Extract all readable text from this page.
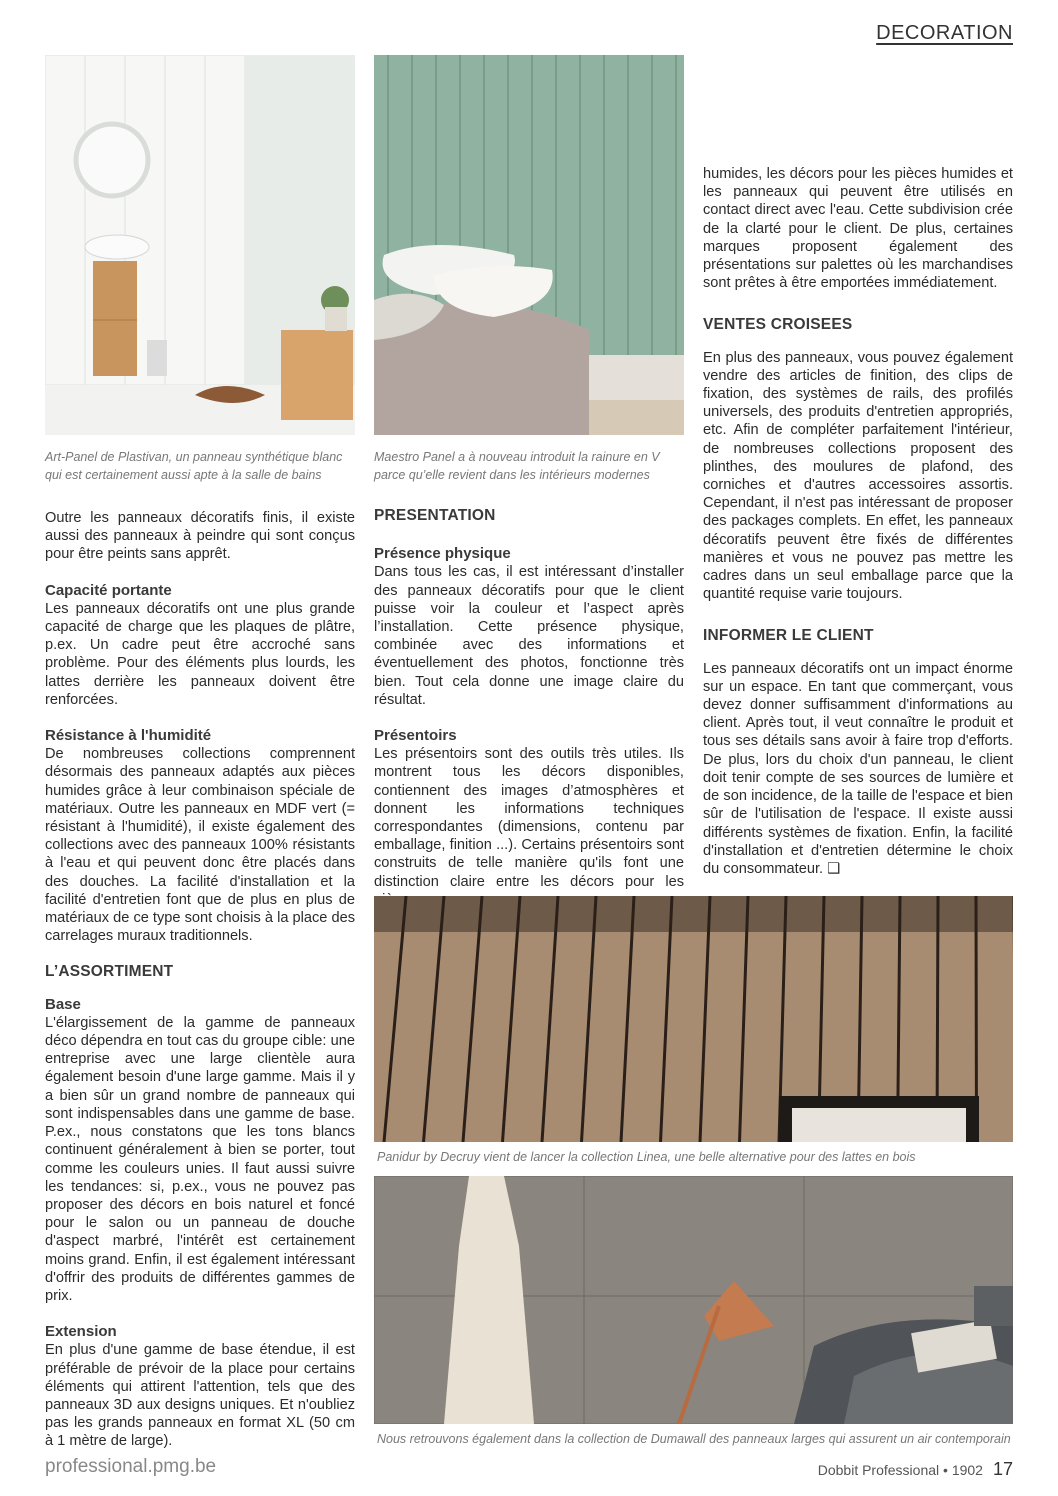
DECORATION
Art-Panel de Plastivan, un panneau synthétique blanc qui est certainement aussi apte à la salle de bains
Maestro Panel a à nouveau introduit la rainure en V parce qu’elle revient dans les intérieurs modernes

Outre les panneaux décoratifs finis, il existe aussi des panneaux à peindre qui sont conçus pour être peints sans apprêt.

Capacité portante

Les panneaux décoratifs ont une plus grande capacité de charge que les plaques de plâtre, p.ex. Un cadre peut être accroché sans problème. Pour des éléments plus lourds, les lattes derrière les panneaux doivent être renforcées.

Résistance à l'humidité

De nombreuses collections comprennent désormais des panneaux adaptés aux pièces humides grâce à leur combinaison spéciale de matériaux. Outre les panneaux en MDF vert (= résistant à l'humidité), il existe également des collections avec des panneaux 100% résistants à l'eau et qui peuvent donc être placés dans des douches. La facilité d'installation et la facilité d'entretien font que de plus en plus de matériaux de ce type sont choisis à la place des carrelages muraux traditionnels.

L’ASSORTIMENT
Base

L'élargissement de la gamme de panneaux déco dépendra en tout cas du groupe cible: une entreprise avec une large clientèle aura également besoin d'une large gamme. Mais il y a bien sûr un grand nombre de panneaux qui sont indispensables dans une gamme de base. P.ex., nous constatons que les tons blancs continuent généralement à bien se porter, tout comme les couleurs unies. Il faut aussi suivre les tendances: si, p.ex., vous ne pouvez pas proposer des décors en bois naturel et foncé pour le salon ou un panneau de douche d'aspect marbré, l'intérêt est certainement moins grand. Enfin, il est également intéressant d'offrir des produits de différentes gammes de prix.

Extension

En plus d'une gamme de base étendue, il est préférable de prévoir de la place pour certains éléments qui attirent l'attention, tels que des panneaux 3D aux designs uniques. Et n'oubliez pas les grands panneaux en format XL (50 cm à 1 mètre de large).

PRESENTATION
Présence physique

Dans tous les cas, il est intéressant d’installer des panneaux décoratifs pour que le client puisse voir la couleur et l’aspect après l’installation. Cette présence physique, combinée avec des informations et éventuellement des photos, fonctionne très bien. Tout cela donne une image claire du résultat.

Présentoirs

Les présentoirs sont des outils très utiles. Ils montrent tous les décors disponibles, contiennent des images d’atmosphères et donnent les informations techniques correspondantes (dimensions, contenu par emballage, finition ...). Certains présentoirs sont construits de telle manière qu'ils font une distinction claire entre les décors pour les

humides, les décors pour les pièces humides et les panneaux qui peuvent être utilisés en contact direct avec l'eau. Cette subdivision crée de la clarté pour le client. De plus, certaines marques proposent également des présentations sur palettes où les marchandises sont prêtes à être emportées immédiatement.

VENTES CROISEES

En plus des panneaux, vous pouvez également vendre des articles de finition, des clips de fixation, des systèmes de rails, des profilés universels, des produits d'entretien appropriés, etc. Afin de compléter parfaitement l'intérieur, de nombreuses collections proposent des plinthes, des moulures de plafond, des corniches et d'autres accessoires assortis. Cependant, il n'est pas intéressant de proposer des packages complets. En effet, les panneaux décoratifs peuvent être fixés de différentes manières et vous ne pouvez pas mettre les cadres dans un seul emballage parce que la quantité requise varie toujours.

INFORMER LE CLIENT

Les panneaux décoratifs ont un impact énorme sur un espace. En tant que commerçant, vous devez donner suffisamment d'informations au client. Après tout, il veut connaître le produit et tous ses détails sans avoir à faire trop d'efforts. De plus, lors du choix d'un panneau, le client doit tenir compte de ses sources de lumière et de son incidence, de la taille de l'espace et bien sûr de l'utilisation de l'espace. Il existe aussi différents systèmes de fixation. Enfin, la facilité d'installation et d'entretien détermine le choix du consommateur. ❑

Panidur by Decruy vient de lancer la collection Linea, une belle alternative pour des lattes en bois
Nous retrouvons également dans la collection de Dumawall des panneaux larges qui assurent un air contemporain
professional.pmg.be	Dobbit Professional • 1902 17
